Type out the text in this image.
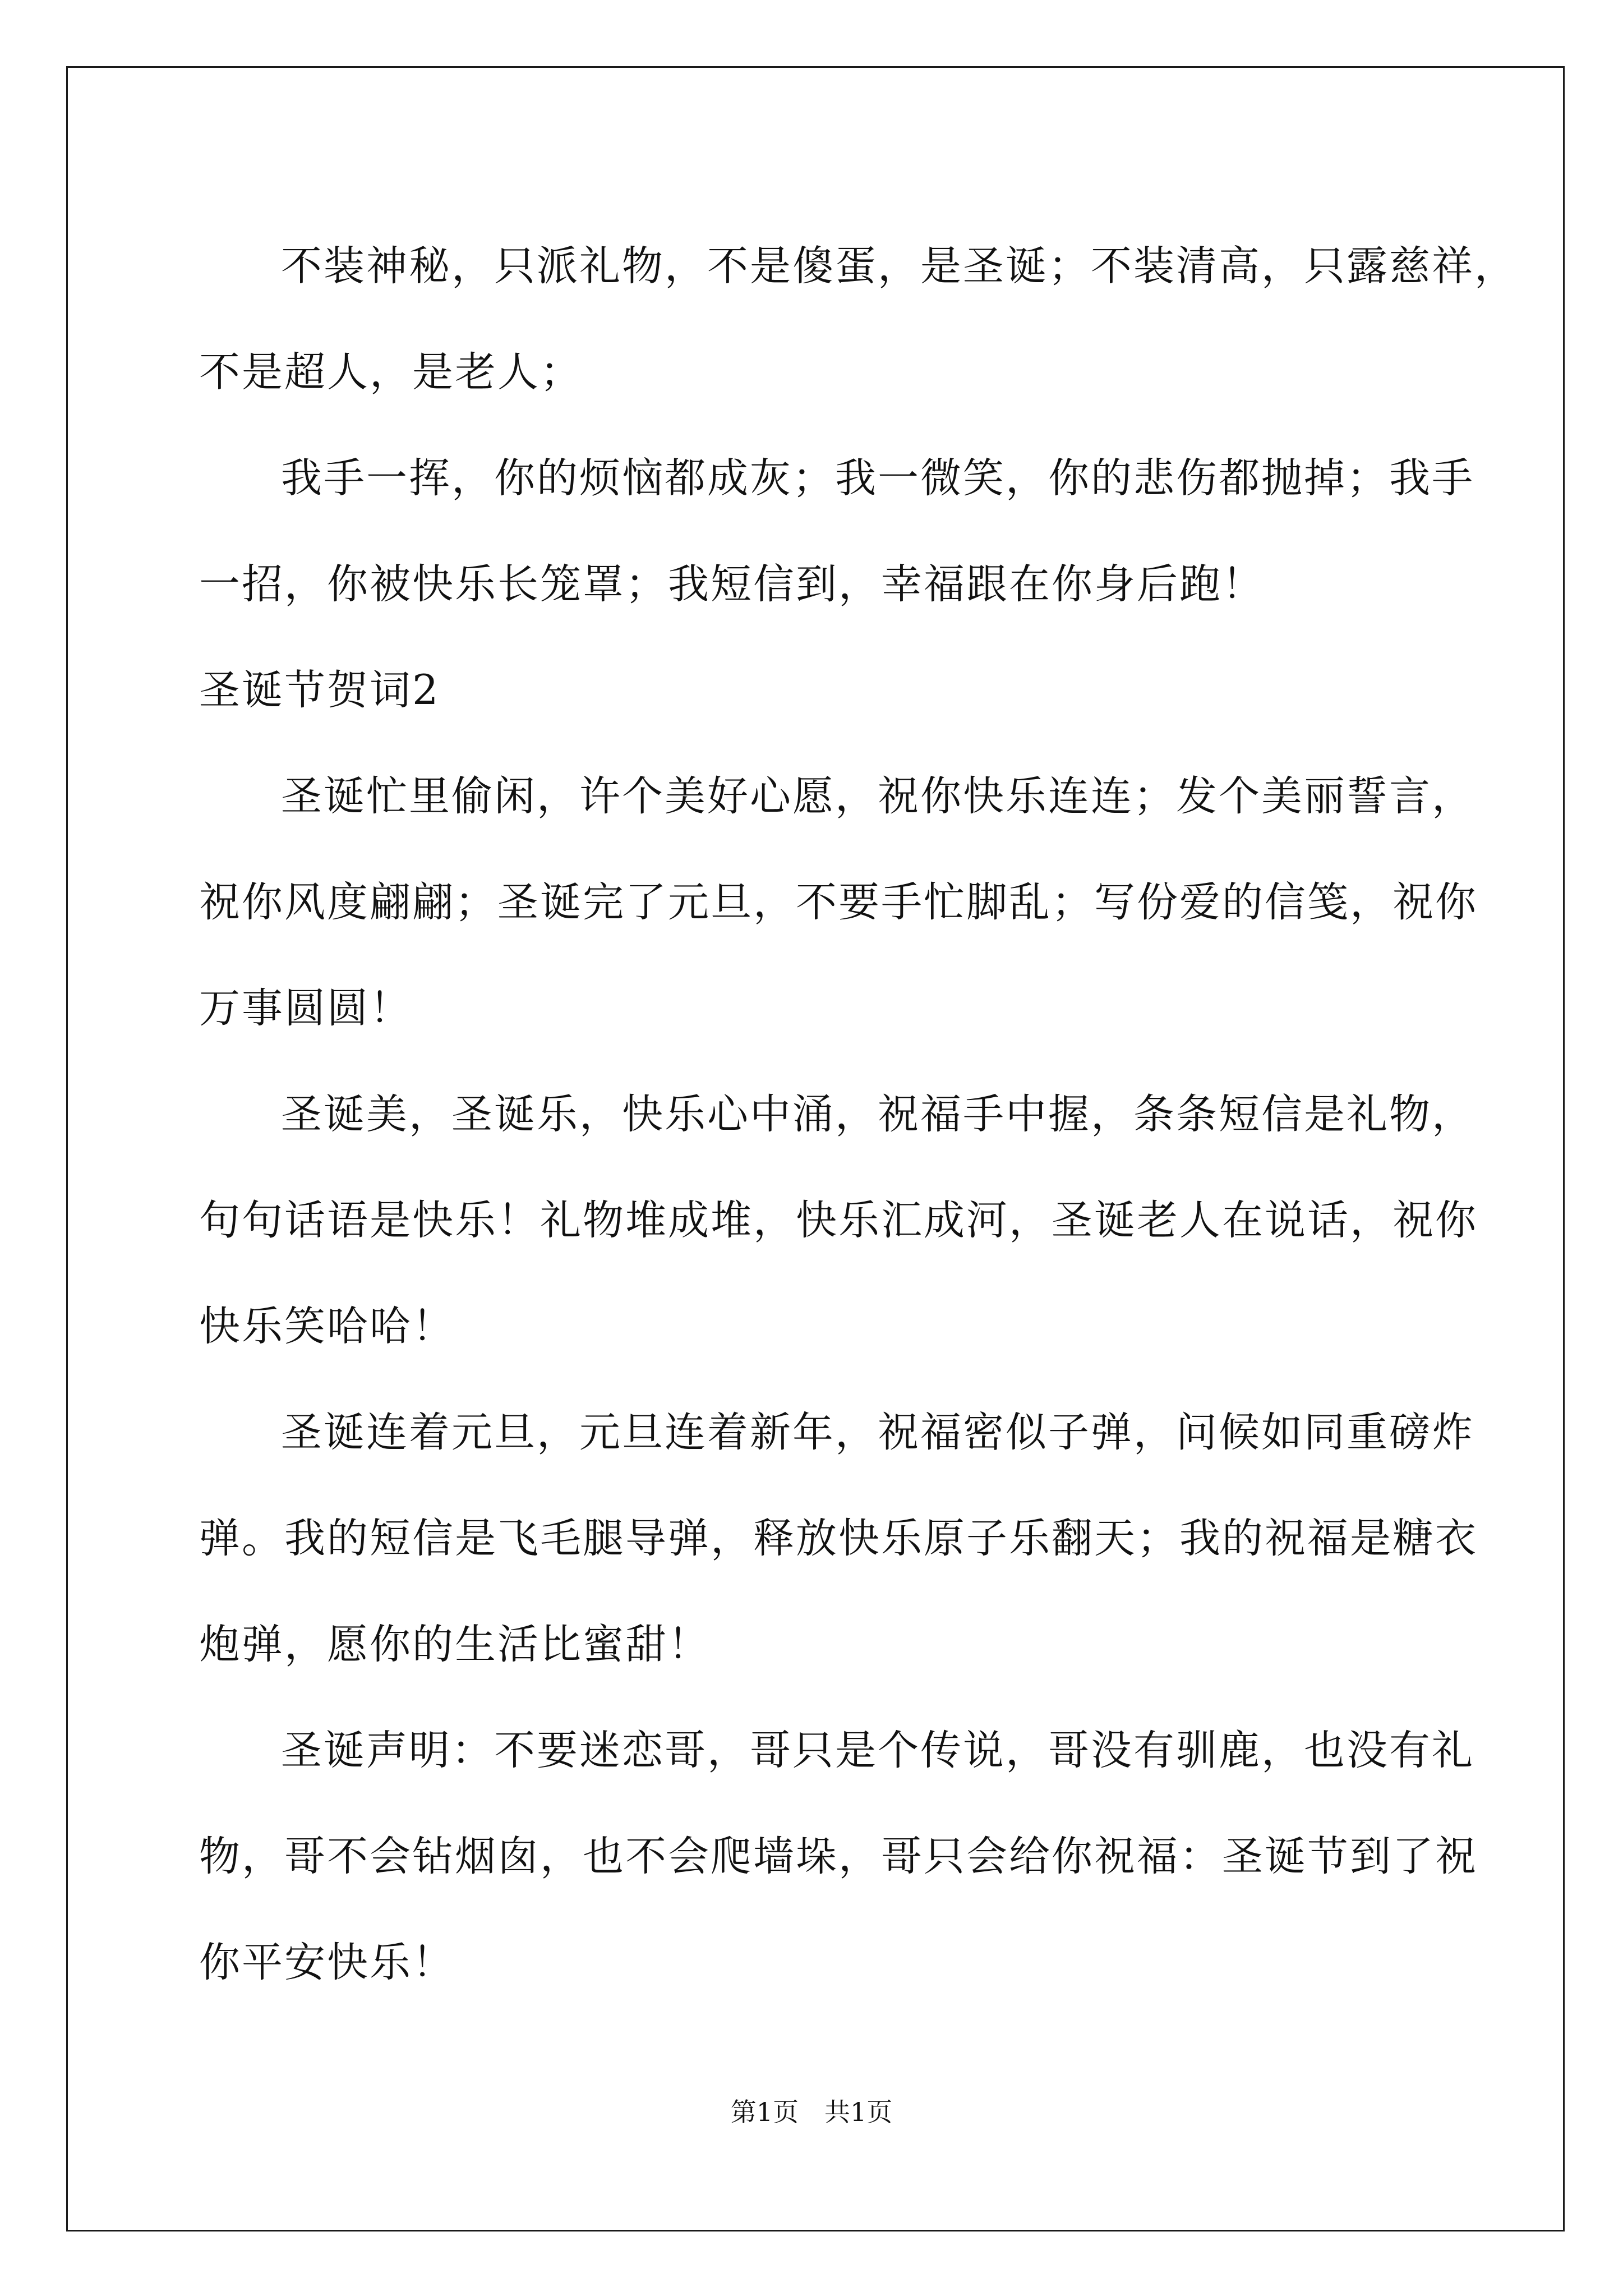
不装神秘，只派礼物，不是傻蛋，是圣诞；不装清高，只露慈祥，
不是超人，是老人；
我手一挥，你的烦恼都成灰；我一微笑，你的悲伤都抛掉；我手
一招，你被快乐长笼罩；我短信到，幸福跟在你身后跑！
圣诞节贺词2
圣诞忙里偷闲，许个美好心愿，祝你快乐连连；发个美丽誓言，
祝你风度翩翩；圣诞完了元旦，不要手忙脚乱；写份爱的信笺，祝你
万事圆圆！
圣诞美，圣诞乐，快乐心中涌，祝福手中握，条条短信是礼物，
句句话语是快乐！礼物堆成堆，快乐汇成河，圣诞老人在说话，祝你
快乐笑哈哈！
圣诞连着元旦，元旦连着新年，祝福密似子弹，问候如同重磅炸
弹。我的短信是飞毛腿导弹，释放快乐原子乐翻天；我的祝福是糖衣
炮弹，愿你的生活比蜜甜！
圣诞声明：不要迷恋哥，哥只是个传说，哥没有驯鹿，也没有礼
物，哥不会钻烟囱，也不会爬墙垛，哥只会给你祝福：圣诞节到了祝
你平安快乐！
第1页　共1页
